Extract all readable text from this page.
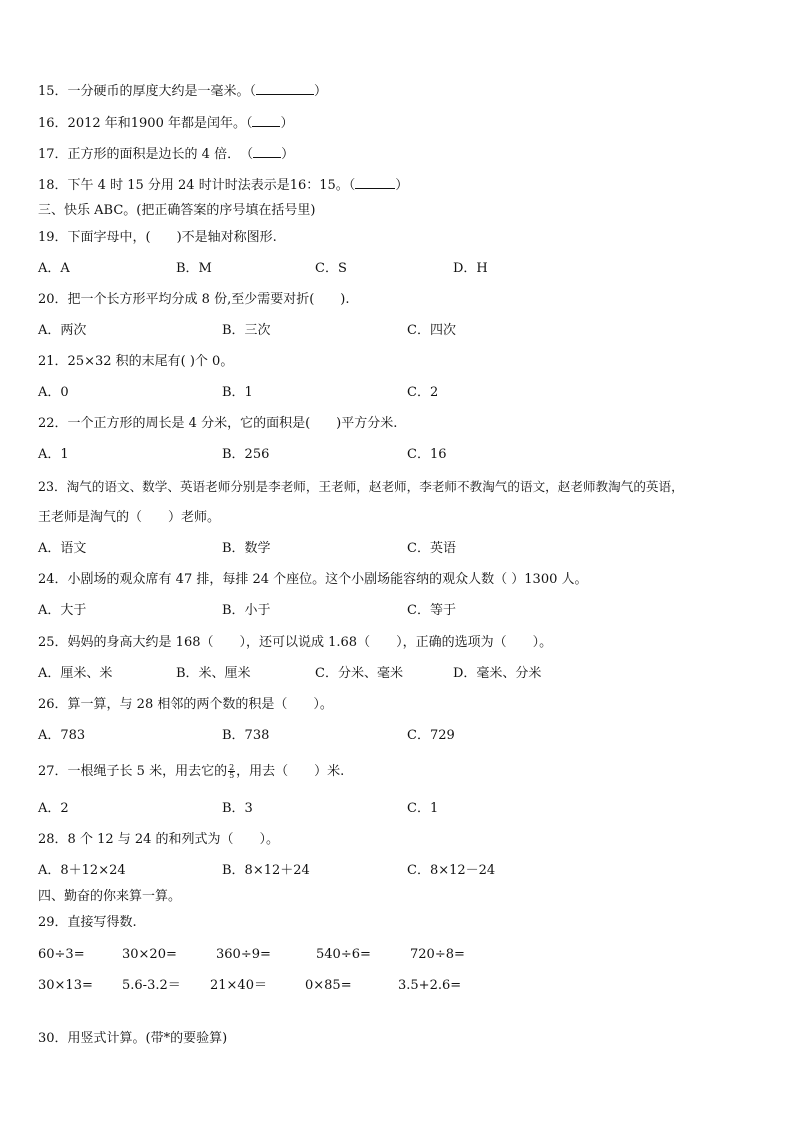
15．一分硬币的厚度大约是一毫米。（	）
16．2012 年和1900 年都是闰年。（ ）
17．正方形的面积是边长的 4 倍．　（ ）
18．下午 4 时 15 分用 24 时计时法表示是16：15。（	）
三、快乐 ABC。(把正确答案的序号填在括号里)
19．下面字母中，(　　)不是轴对称图形.
A．A	B．M	C．S	D．H
20．把一个长方形平均分成 8 份,至少需要对折(　　).
A．两次	B．三次	C．四次
21．25×32 积的末尾有( )个 0。
A．0	B．1	C．2
22．一个正方形的周长是 4 分米，它的面积是(　　)平方分米.
A．1	B．256	C．16
23．淘气的语文、数学、英语老师分别是李老师，王老师，赵老师，李老师不教淘气的语文，赵老师教淘气的英语，
王老师是淘气的（　　）老师。
A．语文	B．数学	C．英语
24．小剧场的观众席有 47 排，每排 24 个座位。这个小剧场能容纳的观众人数（ ）1300 人。
A．大于	B．小于	C．等于
25．妈妈的身高大约是 168（　　），还可以说成 1.68（　　），正确的选项为（　　）。
A．厘米、米	B．米、厘米	C．分米、毫米	D．毫米、分米
26．算一算，与 28 相邻的两个数的积是（　　）。
A．783	B．738	C．729
27．一根绳子长 5 米，用去它的 $\frac{2}{5}$ ，用去（　　）米.
A．2	B．3	C．1
28．8 个 12 与 24 的和列式为（　　）。
A．8＋12×24	B．8×12＋24	C．8×12－24
四、勤奋的你来算一算。
29．直接写得数.
60÷3=	30×20=	360÷9=	540÷6=	720÷8=
30×13= 5.6-3.2＝ 21×40＝	0×85=	3.5+2.6=
30．用竖式计算。(带*的要验算)
